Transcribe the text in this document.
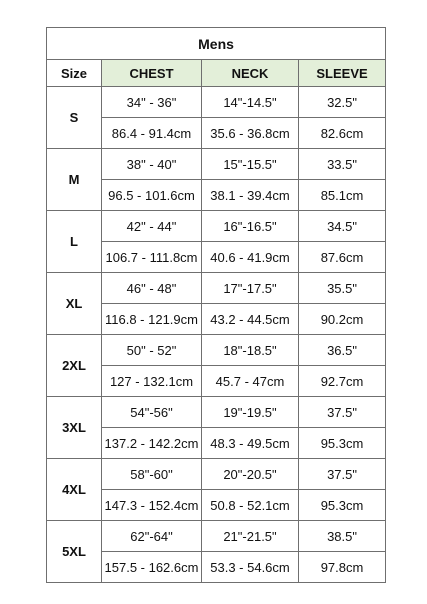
Mens			
Size	CHEST	NECK	SLEEVE
S	34" - 36"	14"-14.5"	32.5"
	86.4 - 91.4cm	35.6 - 36.8cm	82.6cm
M	38" - 40"	15"-15.5"	33.5"
	96.5 - 101.6cm	38.1 - 39.4cm	85.1cm
L	42" - 44"	16"-16.5"	34.5"
	106.7 - 111.8cm	40.6 - 41.9cm	87.6cm
XL	46" - 48"	17"-17.5"	35.5"
	116.8 - 121.9cm	43.2 - 44.5cm	90.2cm
2XL	50" - 52"	18"-18.5"	36.5"
	127 - 132.1cm	45.7 - 47cm	92.7cm
3XL	54"-56"	19"-19.5"	37.5"
	137.2 - 142.2cm	48.3 - 49.5cm	95.3cm
4XL	58"-60"	20"-20.5"	37.5"
	147.3 - 152.4cm	50.8 - 52.1cm	95.3cm
5XL	62"-64"	21"-21.5"	38.5"
	157.5 - 162.6cm	53.3 - 54.6cm	97.8cm
